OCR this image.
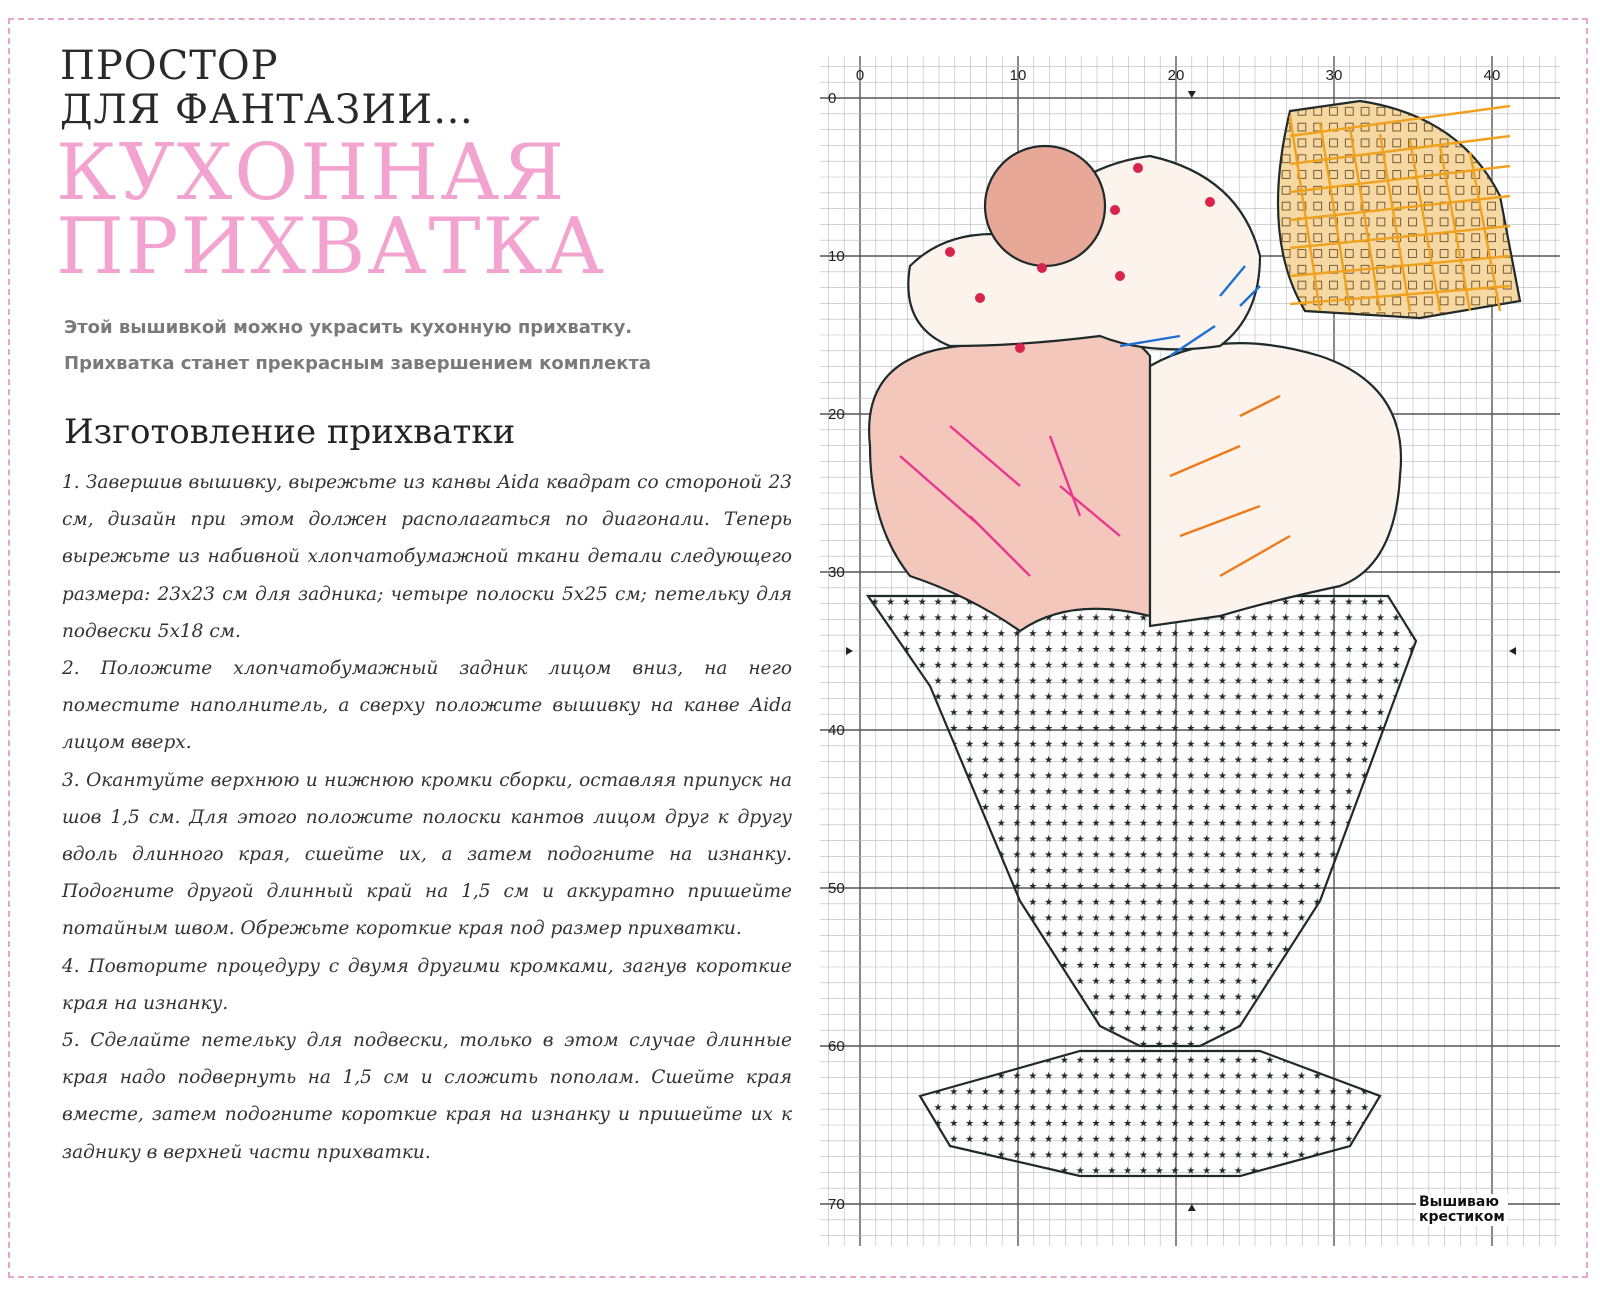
ПРОСТОР
ДЛЯ ФАНТАЗИИ…
КУХОННАЯ
ПРИХВАТКА
Этой вышивкой можно украсить кухонную прихватку.
Прихватка станет прекрасным завершением комплекта
Изготовление прихватки

1. Завершив вышивку, вырежьте из канвы Aida квадрат со стороной 23 см, дизайн при этом должен располагаться по диагонали. Теперь вырежьте из набивной хлопчатобумажной ткани детали следующего размера: 23x23 см для задника; четыре полоски 5x25 см; петельку для подвески 5x18 см.

2. Положите хлопчатобумажный задник лицом вниз, на него поместите наполнитель, а сверху положите вышивку на канве Aida лицом вверх.

3. Окантуйте верхнюю и нижнюю кромки сборки, оставляя припуск на шов 1,5 см. Для этого положите полоски кантов лицом друг к другу вдоль длинного края, сшейте их, а затем подогните на изнанку. Подогните другой длинный край на 1,5 см и аккуратно пришейте потайным швом. Обрежьте короткие края под размер прихватки.

4. Повторите процедуру с двумя другими кромками, загнув короткие края на изнанку.

5. Сделайте петельку для подвески, только в этом случае длинные края надо подвернуть на 1,5 см и сложить пополам. Сшейте края вместе, затем подогните короткие края на изнанку и пришейте их к заднику в верхней части прихватки.

0	10	20	30	40
0
10
20
30
40
50
60
70	Вышиваю
крестиком
